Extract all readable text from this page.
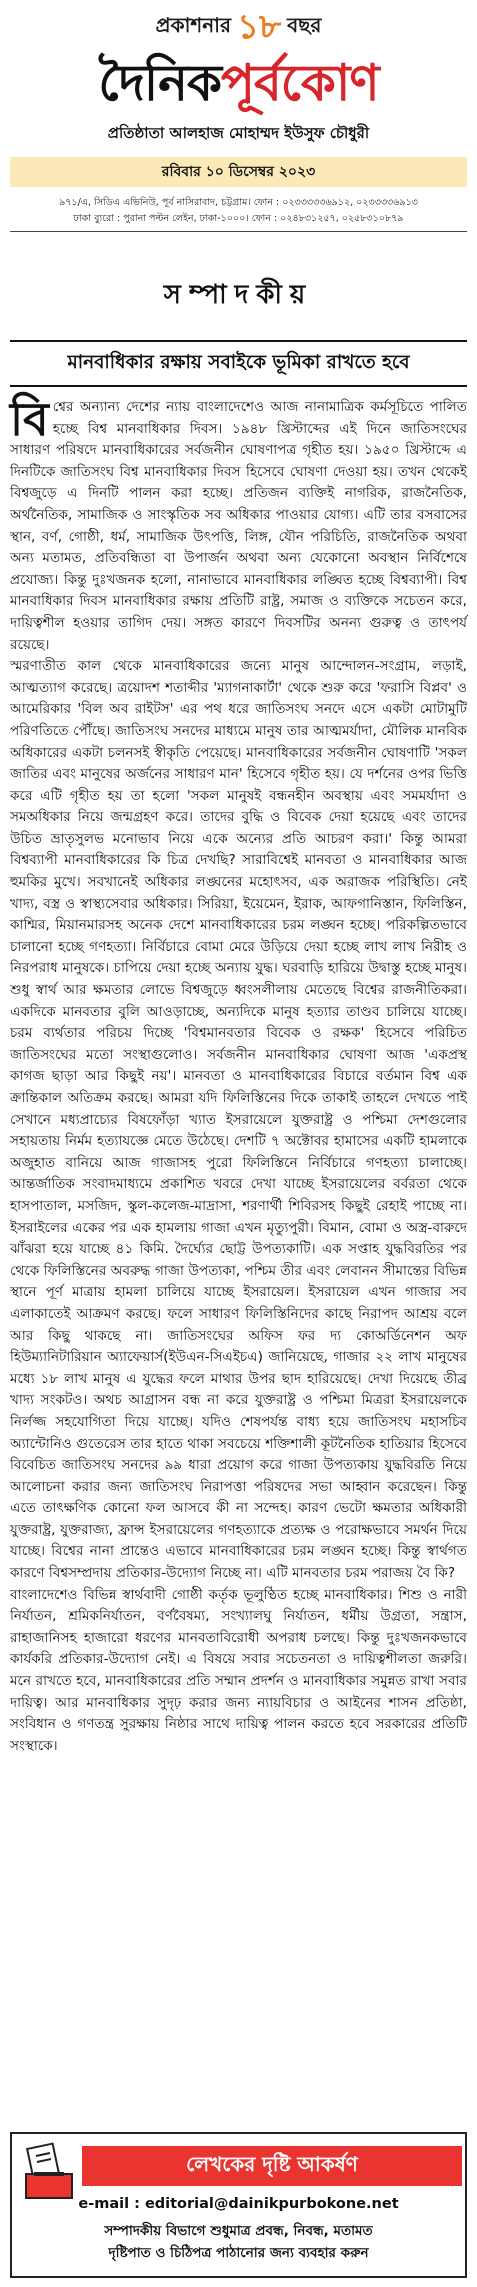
প্রকাশনার ১৮ বছর
দৈনিক পূর্বকোণ
প্রতিষ্ঠাতা আলহাজ মোহাম্মদ ইউসুফ চৌধুরী
রবিবার ১০ ডিসেম্বর ২০২৩
৯৭১/এ, সিডিএ এভিনিউ, পূর্ব নাসিরাবাদ, চট্টগ্রাম। ফোন : ০২৩৩৩৩৩৬৯১২, ০২৩৩৩৩৬৯১৩
ঢাকা ব্যুরো : পুরানা পল্টন লেইন, ঢাকা-১০০০। ফোন : ০২৪৮৩১২৫৭, ০২৫৮৩১০৮৭৯
সম্পাদকীয়
মানবাধিকার রক্ষায় সবাইকে ভূমিকা রাখতে হবে

বিশ্বের অন্যান্য দেশের ন্যায় বাংলাদেশেও আজ নানামাত্রিক কর্মসূচিতে পালিত হচ্ছে বিশ্ব মানবাধিকার দিবস। ১৯৪৮ খ্রিস্টাব্দের এই দিনে জাতিসংঘের সাধারণ পরিষদে মানবাধিকারের সর্বজনীন ঘোষণাপত্র গৃহীত হয়। ১৯৫০ খ্রিস্টাব্দে এ দিনটিকে জাতিসংঘ বিশ্ব মানবাধিকার দিবস হিসেবে ঘোষণা দেওয়া হয়। তখন থেকেই বিশ্বজুড়ে এ দিনটি পালন করা হচ্ছে। প্রতিজন ব্যক্তিই নাগরিক, রাজনৈতিক, অর্থনৈতিক, সামাজিক ও সাংস্কৃতিক সব অধিকার পাওয়ার যোগ্য। এটি তার বসবাসের স্থান, বর্ণ, গোষ্ঠী, ধর্ম, সামাজিক উৎপত্তি, লিঙ্গ, যৌন পরিচিতি, রাজনৈতিক অথবা অন্য মতামত, প্রতিবন্ধিতা বা উপার্জন অথবা অন্য যেকোনো অবস্থান নির্বিশেষে প্রযোজ্য। কিন্তু দুঃখজনক হলো, নানাভাবে মানবাধিকার লঙ্ঘিত হচ্ছে বিশ্বব্যাপী। বিশ্ব মানবাধিকার দিবস মানবাধিকার রক্ষায় প্রতিটি রাষ্ট্র, সমাজ ও ব্যক্তিকে সচেতন করে, দায়িত্বশীল হওয়ার তাগিদ দেয়। সঙ্গত কারণে দিবসটির অনন্য গুরুত্ব ও তাৎপর্য রয়েছে।

স্মরণাতীত কাল থেকে মানবাধিকারের জন্যে মানুষ আন্দোলন-সংগ্রাম, লড়াই, আত্মত্যাগ করেছে। ত্রয়োদশ শতাব্দীর 'ম্যাগনাকার্টা' থেকে শুরু করে 'ফরাসি বিপ্লব' ও আমেরিকার 'বিল অব রাইটস' এর পথ ধরে জাতিসংঘ সনদে এসে একটা মোটামুটি পরিণতিতে পৌঁছে। জাতিসংঘ সনদের মাধ্যমে মানুষ তার আত্মমর্যাদা, মৌলিক মানবিক অধিকারের একটা চলনসই স্বীকৃতি পেয়েছে। মানবাধিকারের সর্বজনীন ঘোষণাটি 'সকল জাতির এবং মানুষের অর্জনের সাধারণ মান' হিসেবে গৃহীত হয়। যে দর্শনের ওপর ভিত্তি করে এটি গৃহীত হয় তা হলো 'সকল মানুষই বন্ধনহীন অবস্থায় এবং সমমর্যাদা ও সমঅধিকার নিয়ে জন্মগ্রহণ করে। তাদের বুদ্ধি ও বিবেক দেয়া হয়েছে এবং তাদের উচিত ভ্রাতৃসুলভ মনোভাব নিয়ে একে অন্যের প্রতি আচরণ করা।' কিন্তু আমরা বিশ্বব্যাপী মানবাধিকারের কি চিত্র দেখছি? সারাবিশ্বেই মানবতা ও মানবাধিকার আজ হুমকির মুখে। সবখানেই অধিকার লঙ্ঘনের মহোৎসব, এক অরাজক পরিস্থিতি। নেই খাদ্য, বস্ত্র ও স্বাস্থ্যসেবার অধিকার। সিরিয়া, ইয়েমেন, ইরাক, আফগানিস্তান, ফিলিস্তিন, কাশ্মির, মিয়ানমারসহ অনেক দেশে মানবাধিকারের চরম লঙ্ঘন হচ্ছে। পরিকল্পিতভাবে চালানো হচ্ছে গণহত্যা। নির্বিচারে বোমা মেরে উড়িয়ে দেয়া হচ্ছে লাখ লাখ নিরীহ ও নিরপরাধ মানুষকে। চাপিয়ে দেয়া হচ্ছে অন্যায় যুদ্ধ। ঘরবাড়ি হারিয়ে উদ্বাস্তু হচ্ছে মানুষ। শুধু স্বার্থ আর ক্ষমতার লোভে বিশ্বজুড়ে ধ্বংসলীলায় মেতেছে বিশ্বের রাজনীতিকরা। একদিকে মানবতার বুলি আওড়াচ্ছে, অন্যদিকে মানুষ হত্যার তাণ্ডব চালিয়ে যাচ্ছে। চরম ব্যর্থতার পরিচয় দিচ্ছে 'বিশ্বমানবতার বিবেক ও রক্ষক' হিসেবে পরিচিত জাতিসংঘের মতো সংস্থাগুলোও। সর্বজনীন মানবাধিকার ঘোষণা আজ 'একপ্রস্থ কাগজ ছাড়া আর কিছুই নয়'। মানবতা ও মানবাধিকারের বিচারে বর্তমান বিশ্ব এক ক্রান্তিকাল অতিক্রম করছে। আমরা যদি ফিলিস্তিনের দিকে তাকাই তাহলে দেখতে পাই সেখানে মধ্যপ্রাচ্যের বিষফোঁড়া খ্যাত ইসরায়েলে যুক্তরাষ্ট্র ও পশ্চিমা দেশগুলোর সহায়তায় নির্মম হত্যাযজ্ঞে মেতে উঠেছে। দেশটি ৭ অক্টোবর হামাসের একটি হামলাকে অজুহাত বানিয়ে আজ গাজাসহ পুরো ফিলিস্তিনে নির্বিচারে গণহত্যা চালাচ্ছে। আন্তর্জাতিক সংবাদমাধ্যমে প্রকাশিত খবরে দেখা যাচ্ছে ইসরায়েলের বর্বরতা থেকে হাসপাতাল, মসজিদ, স্কুল-কলেজ-মাদ্রাসা, শরণার্থী শিবিরসহ কিছুই রেহাই পাচ্ছে না। ইসরাইলের একের পর এক হামলায় গাজা এখন মৃত্যুপুরী। বিমান, বোমা ও অস্ত্র-বারুদে ঝাঁঝরা হয়ে যাচ্ছে ৪১ কিমি. দৈর্ঘ্যের ছোট্ট উপত্যকাটি। এক সপ্তাহ যুদ্ধবিরতির পর থেকে ফিলিস্তিনের অবরুদ্ধ গাজা উপত্যকা, পশ্চিম তীর এবং লেবানন সীমান্তের বিভিন্ন স্থানে পূর্ণ মাত্রায় হামলা চালিয়ে যাচ্ছে ইসরায়েল। ইসরায়েল এখন গাজার সব এলাকাতেই আক্রমণ করছে। ফলে সাধারণ ফিলিস্তিনিদের কাছে নিরাপদ আশ্রয় বলে আর কিছু থাকছে না। জাতিসংঘের অফিস ফর দ্য কোঅর্ডিনেশন অফ হিউম্যানিটারিয়ান অ্যাফেয়ার্স(ইউএন-সিএইচএ) জানিয়েছে, গাজার ২২ লাখ মানুষের মধ্যে ১৮ লাখ মানুষ এ যুদ্ধের ফলে মাথার উপর ছাদ হারিয়েছে। দেখা দিয়েছে তীব্র খাদ্য সংকটও। অথচ আগ্রাসন বন্ধ না করে যুক্তরাষ্ট্র ও পশ্চিমা মিত্ররা ইসরায়েলকে নির্লজ্জ সহযোগিতা দিয়ে যাচ্ছে। যদিও শেষপর্যন্ত বাধ্য হয়ে জাতিসংঘ মহাসচিব অ্যান্টোনিও গুতেরেস তার হাতে থাকা সবচেয়ে শক্তিশালী কূটনৈতিক হাতিয়ার হিসেবে বিবেচিত জাতিসংঘ সনদের ৯৯ ধারা প্রয়োগ করে গাজা উপত্যকায় যুদ্ধবিরতি নিয়ে আলোচনা করার জন্য জাতিসংঘ নিরাপত্তা পরিষদের সভা আহ্বান করেছেন। কিন্তু এতে তাৎক্ষণিক কোনো ফল আসবে কী না সন্দেহ। কারণ ভেটো ক্ষমতার অধিকারী যুক্তরাষ্ট্র, যুক্তরাজ্য, ফ্রান্স ইসরায়েলের গণহত্যাকে প্রত্যক্ষ ও পরোক্ষভাবে সমর্থন দিয়ে যাচ্ছে। বিশ্বের নানা প্রান্তেও এভাবে মানবাধিকারের চরম লঙ্ঘন হচ্ছে। কিন্তু স্বার্থগত কারণে বিশ্বসম্প্রদায় প্রতিকার-উদ্যোগ নিচ্ছে না। এটি মানবতার চরম পরাজয় বৈ কি?

বাংলাদেশেও বিভিন্ন স্বার্থবাদী গোষ্ঠী কর্তৃক ভূলুণ্ঠিত হচ্ছে মানবাধিকার। শিশু ও নারী নির্যাতন, শ্রমিকনির্যাতন, বর্ণবৈষম্য, সংখ্যালঘু নির্যাতন, ধর্মীয় উগ্রতা, সন্ত্রাস, রাহাজানিসহ হাজারো ধরণের মানবতাবিরোধী অপরাধ চলছে। কিন্তু দুঃখজনকভাবে কার্যকরি প্রতিকার-উদ্যোগ নেই। এ বিষয়ে সবার সচেতনতা ও দায়িত্বশীলতা জরুরি। মনে রাখতে হবে, মানবাধিকারের প্রতি সম্মান প্রদর্শন ও মানবাধিকার সমুন্নত রাখা সবার দায়িত্ব। আর মানবাধিকার সুদৃঢ় করার জন্য ন্যায়বিচার ও আইনের শাসন প্রতিষ্ঠা, সংবিধান ও গণতন্ত্র সুরক্ষায় নিষ্ঠার সাথে দায়িত্ব পালন করতে হবে সরকারের প্রতিটি সংস্থাকে।

লেখকের দৃষ্টি আকর্ষণ
e-mail : editorial@dainikpurbokone.net
সম্পাদকীয় বিভাগে শুধুমাত্র প্রবন্ধ, নিবন্ধ, মতামত
দৃষ্টিপাত ও চিঠিপত্র পাঠানোর জন্য ব্যবহার করুন
